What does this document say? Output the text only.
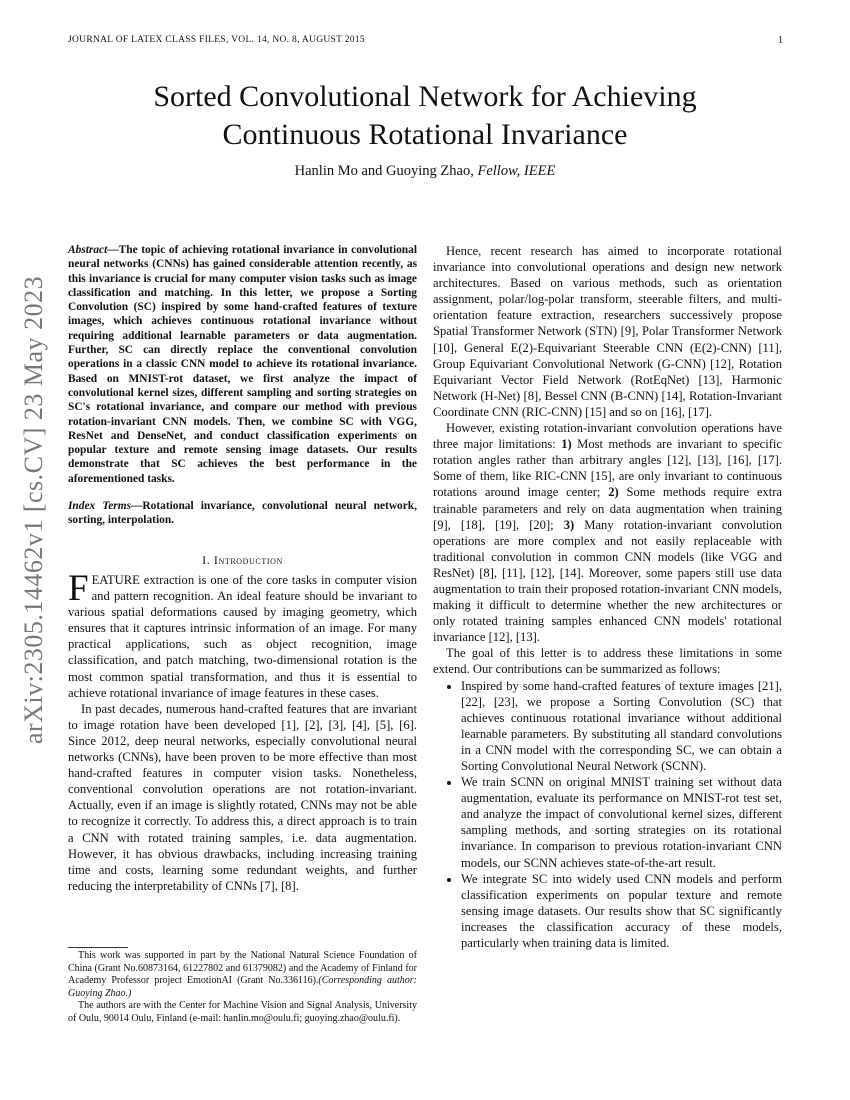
JOURNAL OF LATEX CLASS FILES, VOL. 14, NO. 8, AUGUST 2015	1
arXiv:2305.14462v1 [cs.CV] 23 May 2023
Sorted Convolutional Network for Achieving
Continuous Rotational Invariance
Hanlin Mo and Guoying Zhao, Fellow, IEEE
Abstract—The topic of achieving rotational invariance in convolutional neural networks (CNNs) has gained considerable attention recently, as this invariance is crucial for many computer vision tasks such as image classification and matching. In this letter, we propose a Sorting Convolution (SC) inspired by some hand-crafted features of texture images, which achieves continuous rotational invariance without requiring additional learnable parameters or data augmentation. Further, SC can directly replace the conventional convolution operations in a classic CNN model to achieve its rotational invariance. Based on MNIST-rot dataset, we first analyze the impact of convolutional kernel sizes, different sampling and sorting strategies on SC's rotational invariance, and compare our method with previous rotation-invariant CNN models. Then, we combine SC with VGG, ResNet and DenseNet, and conduct classification experiments on popular texture and remote sensing image datasets. Our results demonstrate that SC achieves the best performance in the aforementioned tasks.
Index Terms—Rotational invariance, convolutional neural network, sorting, interpolation.
I. Introduction

FEATURE extraction is one of the core tasks in computer vision and pattern recognition. An ideal feature should be invariant to various spatial deformations caused by imaging geometry, which ensures that it captures intrinsic information of an image. For many practical applications, such as object recognition, image classification, and patch matching, two-dimensional rotation is the most common spatial transformation, and thus it is essential to achieve rotational invariance of image features in these cases.

In past decades, numerous hand-crafted features that are invariant to image rotation have been developed [1], [2], [3], [4], [5], [6]. Since 2012, deep neural networks, especially convolutional neural networks (CNNs), have been proven to be more effective than most hand-crafted features in computer vision tasks. Nonetheless, conventional convolution operations are not rotation-invariant. Actually, even if an image is slightly rotated, CNNs may not be able to recognize it correctly. To address this, a direct approach is to train a CNN with rotated training samples, i.e. data augmentation. However, it has obvious drawbacks, including increasing training time and costs, learning some redundant weights, and further reducing the interpretability of CNNs [7], [8].

This work was supported in part by the National Natural Science Foundation of China (Grant No.60873164, 61227802 and 61379082) and the Academy of Finland for Academy Professor project EmotionAI (Grant No.336116).(Corresponding author: Guoying Zhao.)

The authors are with the Center for Machine Vision and Signal Analysis, University of Oulu, 90014 Oulu, Finland (e-mail: hanlin.mo@oulu.fi; guoying.zhao@oulu.fi).

Hence, recent research has aimed to incorporate rotational invariance into convolutional operations and design new network architectures. Based on various methods, such as orientation assignment, polar/log-polar transform, steerable filters, and multi-orientation feature extraction, researchers successively propose Spatial Transformer Network (STN) [9], Polar Transformer Network [10], General E(2)-Equivariant Steerable CNN (E(2)-CNN) [11], Group Equivariant Convolutional Network (G-CNN) [12], Rotation Equivariant Vector Field Network (RotEqNet) [13], Harmonic Network (H-Net) [8], Bessel CNN (B-CNN) [14], Rotation-Invariant Coordinate CNN (RIC-CNN) [15] and so on [16], [17].

However, existing rotation-invariant convolution operations have three major limitations: 1) Most methods are invariant to specific rotation angles rather than arbitrary angles [12], [13], [16], [17]. Some of them, like RIC-CNN [15], are only invariant to continuous rotations around image center; 2) Some methods require extra trainable parameters and rely on data augmentation when training [9], [18], [19], [20]; 3) Many rotation-invariant convolution operations are more complex and not easily replaceable with traditional convolution in common CNN models (like VGG and ResNet) [8], [11], [12], [14]. Moreover, some papers still use data augmentation to train their proposed rotation-invariant CNN models, making it difficult to determine whether the new architectures or only rotated training samples enhanced CNN models' rotational invariance [12], [13].

The goal of this letter is to address these limitations in some extend. Our contributions can be summarized as follows:

• Inspired by some hand-crafted features of texture images [21], [22], [23], we propose a Sorting Convolution (SC) that achieves continuous rotational invariance without additional learnable parameters. By substituting all standard convolutions in a CNN model with the corresponding SC, we can obtain a Sorting Convolutional Neural Network (SCNN).
• We train SCNN on original MNIST training set without data augmentation, evaluate its performance on MNIST-rot test set, and analyze the impact of convolutional kernel sizes, different sampling methods, and sorting strategies on its rotational invariance. In comparison to previous rotation-invariant CNN models, our SCNN achieves state-of-the-art result.
• We integrate SC into widely used CNN models and perform classification experiments on popular texture and remote sensing image datasets. Our results show that SC significantly increases the classification accuracy of these models, particularly when training data is limited.
